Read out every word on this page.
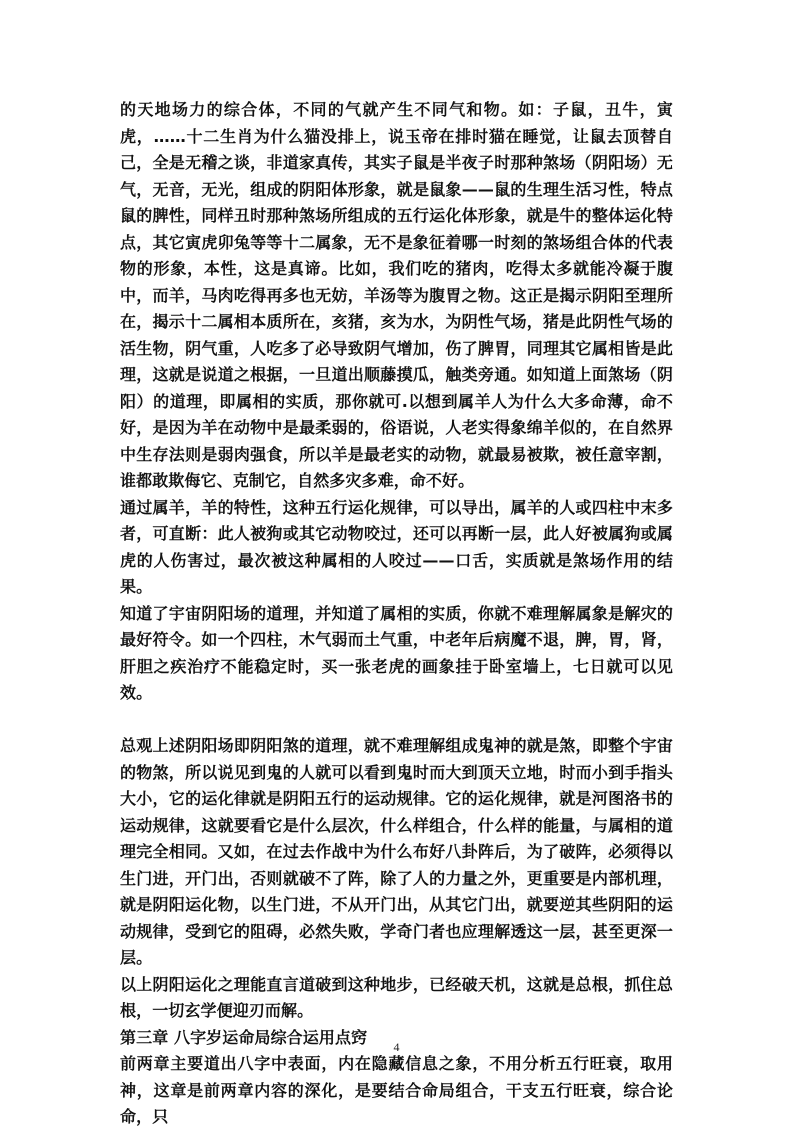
的天地场力的综合体，不同的气就产生不同气和物。如：子鼠，丑牛，寅虎，……十二生肖为什么猫没排上，说玉帝在排时猫在睡觉，让鼠去顶替自己，全是无稽之谈，非道家真传，其实子鼠是半夜子时那种煞场（阴阳场）无气，无音，无光，组成的阴阳体形象，就是鼠象——鼠的生理生活习性，特点鼠的脾性，同样丑时那种煞场所组成的五行运化体形象，就是牛的整体运化特点，其它寅虎卯兔等等十二属象，无不是象征着哪一时刻的煞场组合体的代表物的形象，本性，这是真谛。比如，我们吃的猪肉，吃得太多就能冷凝于腹中，而羊，马肉吃得再多也无妨，羊汤等为腹胃之物。这正是揭示阴阳至理所在，揭示十二属相本质所在，亥猪，亥为水，为阴性气场，猪是此阴性气场的活生物，阴气重，人吃多了必导致阴气增加，伤了脾胃，同理其它属相皆是此理，这就是说道之根据，一旦道出顺藤摸瓜，触类旁通。如知道上面煞场（阴阳）的道理，即属相的实质，那你就可.以想到属羊人为什么大多命薄，命不好，是因为羊在动物中是最柔弱的，俗语说，人老实得象绵羊似的，在自然界中生存法则是弱肉强食，所以羊是最老实的动物，就最易被欺，被任意宰割，谁都敢欺侮它、克制它，自然多灾多难，命不好。

通过属羊，羊的特性，这种五行运化规律，可以导出，属羊的人或四柱中末多者，可直断：此人被狗或其它动物咬过，还可以再断一层，此人好被属狗或属虎的人伤害过，最次被这种属相的人咬过——口舌，实质就是煞场作用的结果。

知道了宇宙阴阳场的道理，并知道了属相的实质，你就不难理解属象是解灾的最好符令。如一个四柱，木气弱而土气重，中老年后病魔不退，脾，胃，肾，肝胆之疾治疗不能稳定时，买一张老虎的画象挂于卧室墙上，七日就可以见效。

总观上述阴阳场即阴阳煞的道理，就不难理解组成鬼神的就是煞，即整个宇宙的物煞，所以说见到鬼的人就可以看到鬼时而大到顶天立地，时而小到手指头大小，它的运化律就是阴阳五行的运动规律。它的运化规律，就是河图洛书的运动规律，这就要看它是什么层次，什么样组合，什么样的能量，与属相的道理完全相同。又如，在过去作战中为什么布好八卦阵后，为了破阵，必须得以生门进，开门出，否则就破不了阵，除了人的力量之外，更重要是内部机理，就是阴阳运化物，以生门进，不从开门出，从其它门出，就要逆其些阴阳的运动规律，受到它的阻碍，必然失败，学奇门者也应理解透这一层，甚至更深一层。

以上阴阳运化之理能直言道破到这种地步，已经破天机，这就是总根，抓住总根，一切玄学便迎刃而解。

第三章 八字岁运命局综合运用点窍

前两章主要道出八字中表面，内在隐藏信息之象，不用分析五行旺衰，取用神，这章是前两章内容的深化，是要结合命局组合，干支五行旺衰，综合论命，只

4
